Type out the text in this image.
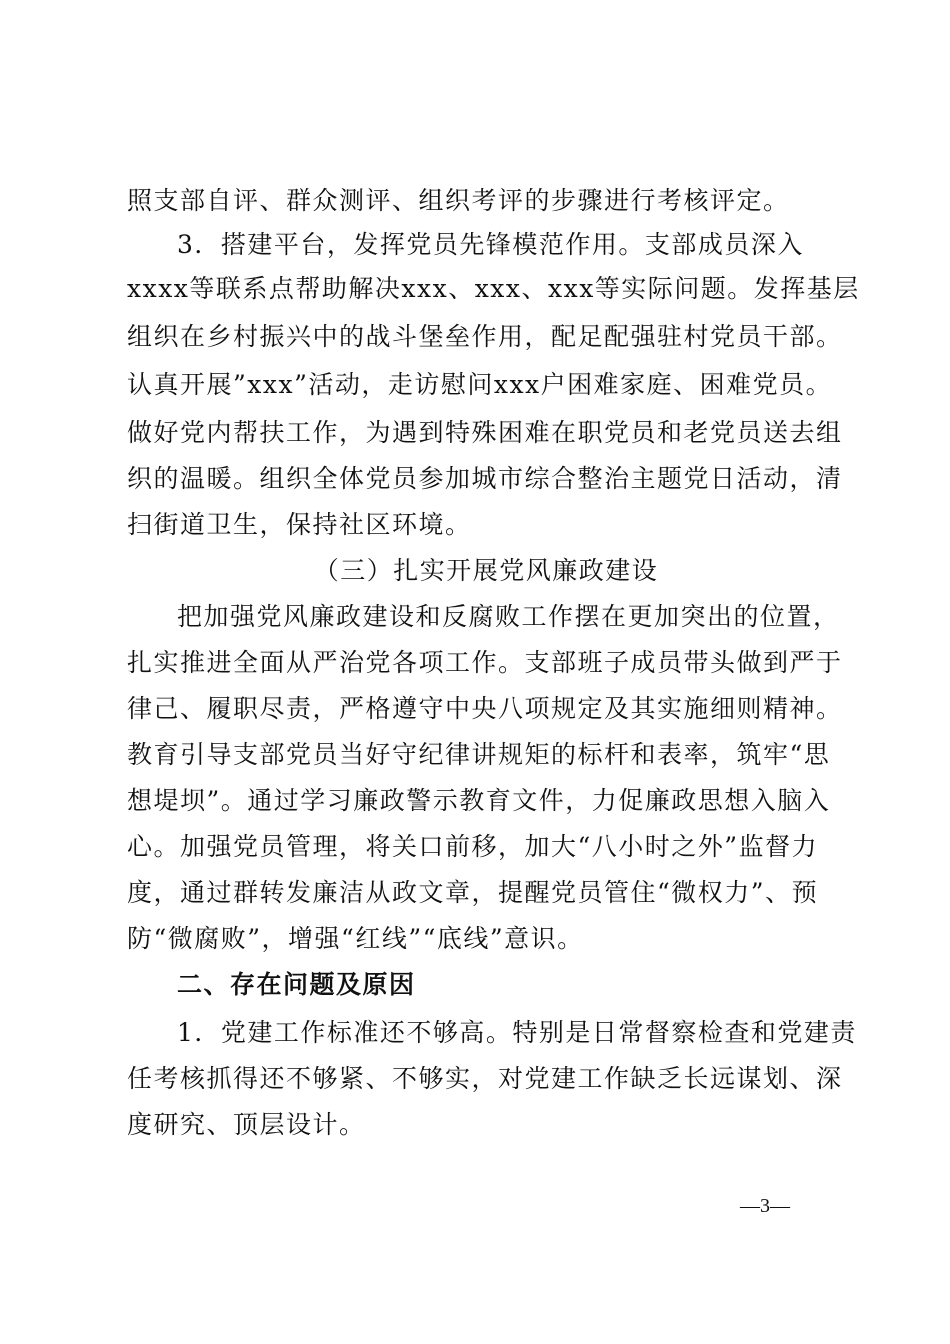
照支部自评、群众测评、组织考评的步骤进行考核评定。
3．搭建平台，发挥党员先锋模范作用。支部成员深入
xxxx等联系点帮助解决xxx、xxx、xxx等实际问题。发挥基层
组织在乡村振兴中的战斗堡垒作用，配足配强驻村党员干部。
认真开展”xxx”活动，走访慰问xxx户困难家庭、困难党员。
做好党内帮扶工作，为遇到特殊困难在职党员和老党员送去组
织的温暖。组织全体党员参加城市综合整治主题党日活动，清
扫街道卫生，保持社区环境。
（三）扎实开展党风廉政建设
把加强党风廉政建设和反腐败工作摆在更加突出的位置，
扎实推进全面从严治党各项工作。支部班子成员带头做到严于
律己、履职尽责，严格遵守中央八项规定及其实施细则精神。
教育引导支部党员当好守纪律讲规矩的标杆和表率，筑牢“思
想堤坝”。通过学习廉政警示教育文件，力促廉政思想入脑入
心。加强党员管理，将关口前移，加大“八小时之外”监督力
度，通过群转发廉洁从政文章，提醒党员管住“微权力”、预
防“微腐败”，增强“红线”“底线”意识。
二、存在问题及原因
1．党建工作标准还不够高。特别是日常督察检查和党建责
任考核抓得还不够紧、不够实，对党建工作缺乏长远谋划、深
度研究、顶层设计。
—3—
